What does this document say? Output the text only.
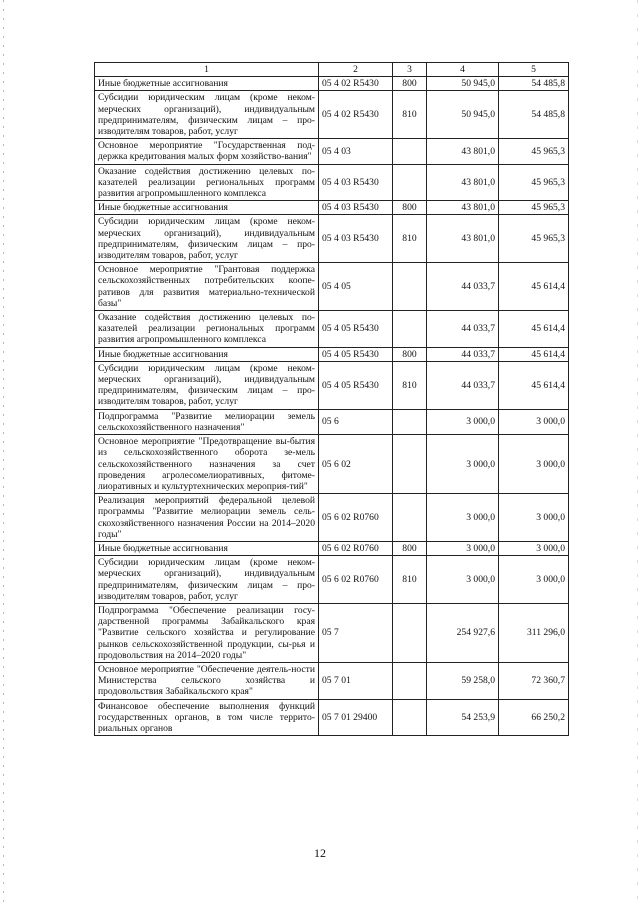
1	2	3	4	5
Иные бюджетные ассигнования	05 4 02 R5430	800	50 945,0	54 485,8
Субсидии юридическим лицам (кроме неком-мерческих организаций), индивидуальным предпринимателям, физическим лицам – про-изводителям товаров, работ, услуг	05 4 02 R5430	810	50 945,0	54 485,8
Основное мероприятие "Государственная под-держка кредитования малых форм хозяйство-вания"	05 4 03		43 801,0	45 965,3
Оказание содействия достижению целевых по-казателей реализации региональных программ развития агропромышленного комплекса	05 4 03 R5430		43 801,0	45 965,3
Иные бюджетные ассигнования	05 4 03 R5430	800	43 801,0	45 965,3
Субсидии юридическим лицам (кроме неком-мерческих организаций), индивидуальным предпринимателям, физическим лицам – про-изводителям товаров, работ, услуг	05 4 03 R5430	810	43 801,0	45 965,3
Основное мероприятие "Грантовая поддержка сельскохозяйственных потребительских коопе-ративов для развития материально-технической базы"	05 4 05		44 033,7	45 614,4
Оказание содействия достижению целевых по-казателей реализации региональных программ развития агропромышленного комплекса	05 4 05 R5430		44 033,7	45 614,4
Иные бюджетные ассигнования	05 4 05 R5430	800	44 033,7	45 614,4
Субсидии юридическим лицам (кроме неком-мерческих организаций), индивидуальным предпринимателям, физическим лицам – про-изводителям товаров, работ, услуг	05 4 05 R5430	810	44 033,7	45 614,4
Подпрограмма "Развитие мелиорации земель сельскохозяйственного назначения"	05 6		3 000,0	3 000,0
Основное мероприятие "Предотвращение вы-бытия из сельскохозяйственного оборота зе-мель сельскохозяйственного назначения за счет проведения агролесомелиоративных, фитоме-лиоративных и культуртехнических мероприя-тий"	05 6 02		3 000,0	3 000,0
Реализация мероприятий федеральной целевой программы "Развитие мелиорации земель сель-скохозяйственного назначения России на 2014–2020 годы"	05 6 02 R0760		3 000,0	3 000,0
Иные бюджетные ассигнования	05 6 02 R0760	800	3 000,0	3 000,0
Субсидии юридическим лицам (кроме неком-мерческих организаций), индивидуальным предпринимателям, физическим лицам – про-изводителям товаров, работ, услуг	05 6 02 R0760	810	3 000,0	3 000,0
Подпрограмма "Обеспечение реализации госу-дарственной программы Забайкальского края "Развитие сельского хозяйства и регулирование рынков сельскохозяйственной продукции, сы-рья и продовольствия на 2014–2020 годы"	05 7		254 927,6	311 296,0
Основное мероприятие "Обеспечение деятель-ности Министерства сельского хозяйства и продовольствия Забайкальского края"	05 7 01		59 258,0	72 360,7
Финансовое обеспечение выполнения функций государственных органов, в том числе террито-риальных органов	05 7 01 29400		54 253,9	66 250,2
12
